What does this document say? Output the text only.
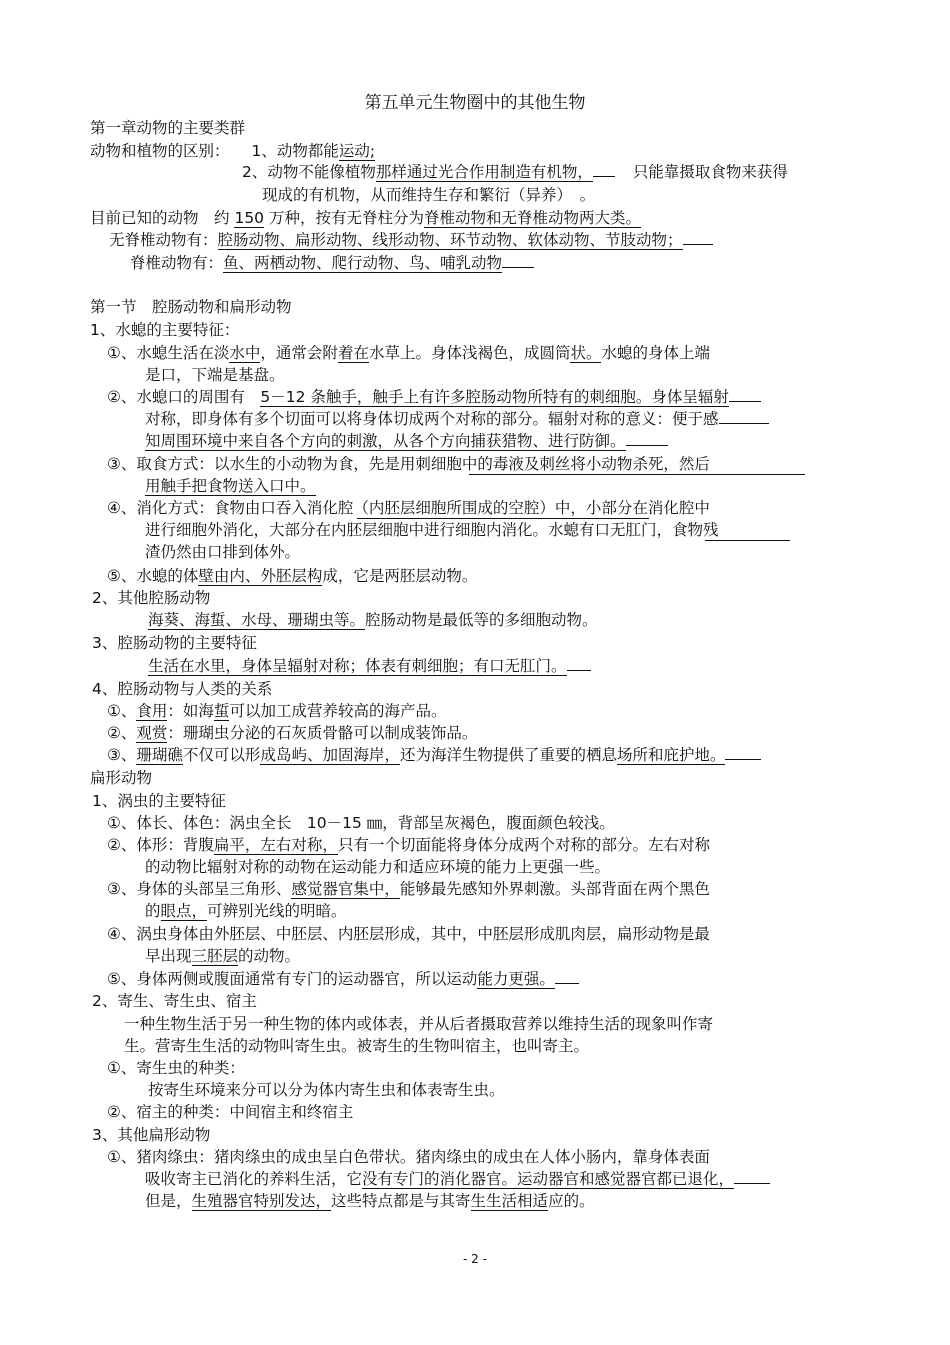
第五单元生物圈中的其他生物
第一章动物的主要类群
动物和植物的区别： 1、动物都能运动;
2、动物不能像植物那样通过光合作用制造有机物，	只能靠摄取食物来获得
现成的有机物，从而维持生存和繁衍（异养）　。
目前已知的动物　约 150 万种，按有无脊柱分为脊椎动物和无脊椎动物两大类。
无脊椎动物有：腔肠动物、扁形动物、线形动物、环节动物、软体动物、节肢动物；
脊椎动物有：鱼、两栖动物、爬行动物、鸟、哺乳动物
第一节　腔肠动物和扁形动物
1、水螅的主要特征：
①、水螅生活在淡水中，通常会附着在水草上。身体浅褐色，成圆筒状。水螅的身体上端
是口，下端是基盘。
②、水螅口的周围有　5－12 条触手，触手上有许多腔肠动物所特有的刺细胞。身体呈辐射
对称，即身体有多个切面可以将身体切成两个对称的部分。辐射对称的意义：便于感
知周围环境中来自各个方向的刺激，从各个方向捕获猎物、进行防御。
③、取食方式：以水生的小动物为食，先是用刺细胞中的毒液及刺丝将小动物杀死，然后
用触手把食物送入口中。
④、消化方式：食物由口吞入消化腔（内胚层细胞所围成的空腔）中，小部分在消化腔中
进行细胞外消化，大部分在内胚层细胞中进行细胞内消化。水螅有口无肛门，食物残
渣仍然由口排到体外。
⑤、水螅的体壁由内、外胚层构成，它是两胚层动物。
2、其他腔肠动物
海葵、海蜇、水母、珊瑚虫等。腔肠动物是最低等的多细胞动物。
3、腔肠动物的主要特征
生活在水里，身体呈辐射对称；体表有刺细胞；有口无肛门。
4、腔肠动物与人类的关系
①、食用：如海蜇可以加工成营养较高的海产品。
②、观赏：珊瑚虫分泌的石灰质骨骼可以制成装饰品。
③、珊瑚礁不仅可以形成岛屿、加固海岸，还为海洋生物提供了重要的栖息场所和庇护地。
扁形动物
1、涡虫的主要特征
①、体长、体色：涡虫全长　10－15 ㎜，背部呈灰褐色，腹面颜色较浅。
②、体形：背腹扁平，左右对称，只有一个切面能将身体分成两个对称的部分。左右对称
的动物比辐射对称的动物在运动能力和适应环境的能力上更强一些。
③、身体的头部呈三角形、感觉器官集中，能够最先感知外界刺激。头部背面在两个黑色
的眼点，可辨别光线的明暗。
④、涡虫身体由外胚层、中胚层、内胚层形成，其中，中胚层形成肌肉层，扁形动物是最
早出现三胚层的动物。
⑤、身体两侧或腹面通常有专门的运动器官，所以运动能力更强。
2、寄生、寄生虫、宿主
一种生物生活于另一种生物的体内或体表，并从后者摄取营养以维持生活的现象叫作寄
生。营寄生生活的动物叫寄生虫。被寄生的生物叫宿主，也叫寄主。
①、寄生虫的种类：
按寄生环境来分可以分为体内寄生虫和体表寄生虫。
②、宿主的种类：中间宿主和终宿主
3、其他扁形动物
①、猪肉绦虫：猪肉绦虫的成虫呈白色带状。猪肉绦虫的成虫在人体小肠内，靠身体表面
吸收寄主已消化的养料生活，它没有专门的消化器官。运动器官和感觉器官都已退化，
但是，生殖器官特别发达，这些特点都是与其寄生生活相适应的。
- 2 -
